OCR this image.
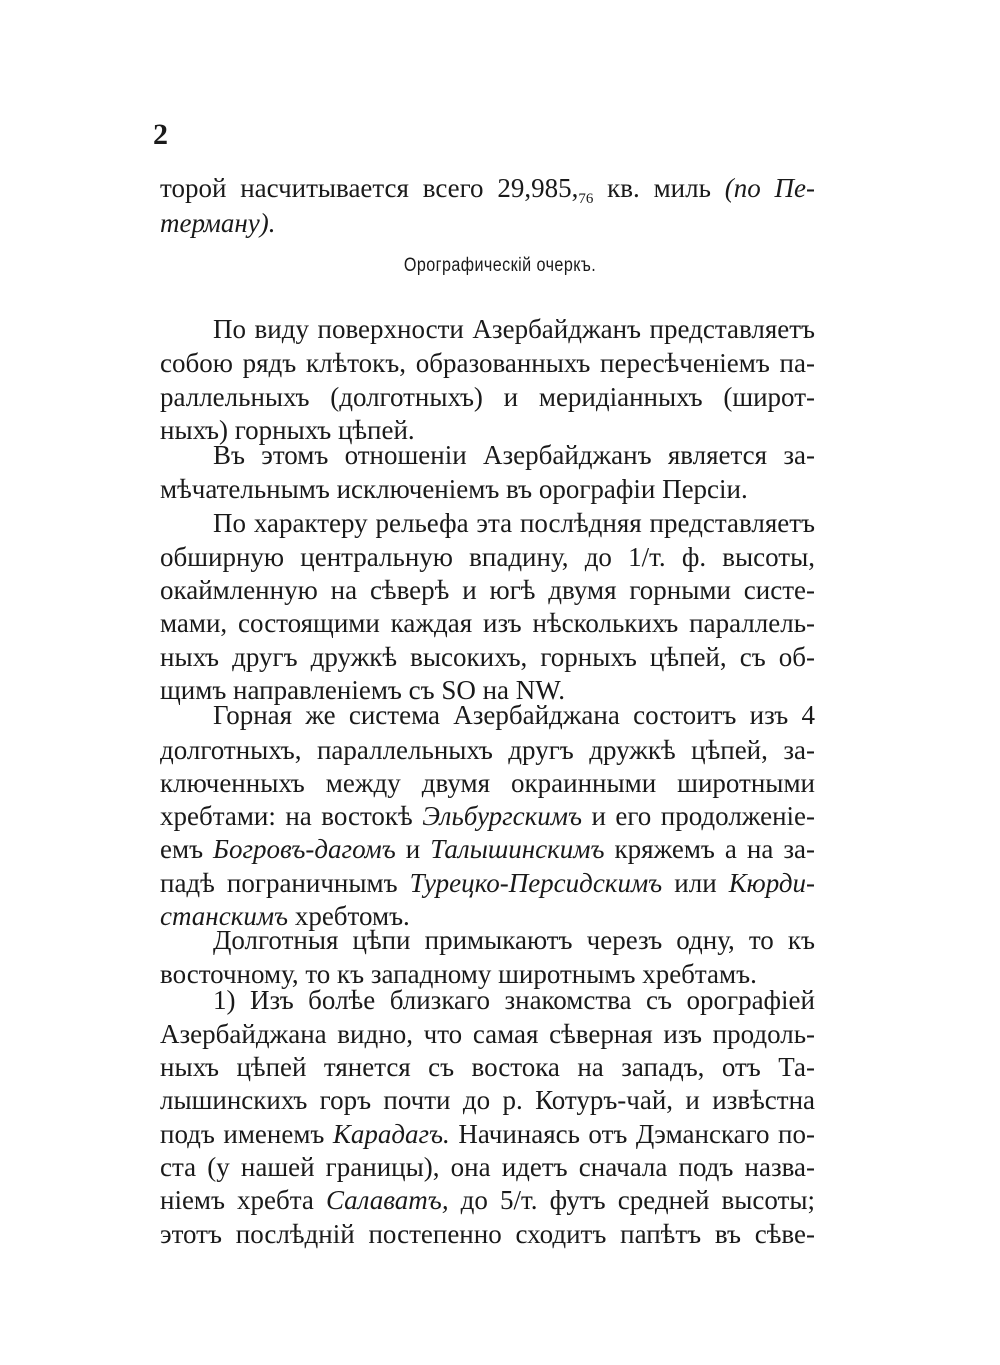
2
торой насчитывается всего $29,985,_{76}$ кв. миль (по Пе-
терману).
Орографическій очеркъ.
По виду поверхности Азербайджанъ представляетъ
собою рядъ клѣтокъ, образованныхъ пересѣченіемъ па-
раллельныхъ (долготныхъ) и меридіанныхъ (широт-
ныхъ) горныхъ цѣпей.
Въ этомъ отношеніи Азербайджанъ является за-
мѣчательнымъ исключеніемъ въ орографіи Персіи.
По характеру рельефа эта послѣдняя представляетъ
обширную центральную впадину, до 1/т. ф. высоты,
окаймленную на сѣверѣ и югѣ двумя горными систе-
мами, состоящими каждая изъ нѣсколькихъ параллель-
ныхъ другъ дружкѣ высокихъ, горныхъ цѣпей, съ об-
щимъ направленіемъ съ SO на NW.
Горная же система Азербайджана состоитъ изъ 4
долготныхъ, параллельныхъ другъ дружкѣ цѣпей, за-
ключенныхъ между двумя окраинными широтными
хребтами: на востокѣ Эльбургскимъ и его продолженіе-
емъ Богровъ-дагомъ и Талышинскимъ кряжемъ а на за-
падѣ пограничнымъ Турецко-Персидскимъ или Кюрди-
станскимъ хребтомъ.
Долготныя цѣпи примыкаютъ черезъ одну, то къ
восточному, то къ западному широтнымъ хребтамъ.
1) Изъ болѣе близкаго знакомства съ орографіей
Азербайджана видно, что самая сѣверная изъ продоль-
ныхъ цѣпей тянется съ востока на западъ, отъ Та-
лышинскихъ горъ почти до р. Котуръ-чай, и извѣстна
подъ именемъ Карадагъ. Начинаясь отъ Дэманскаго по-
ста (у нашей границы), она идетъ сначала подъ назва-
ніемъ хребта Салаватъ, до 5/т. футъ средней высоты;
этотъ послѣдній постепенно сходитъ папѣтъ въ сѣве-
